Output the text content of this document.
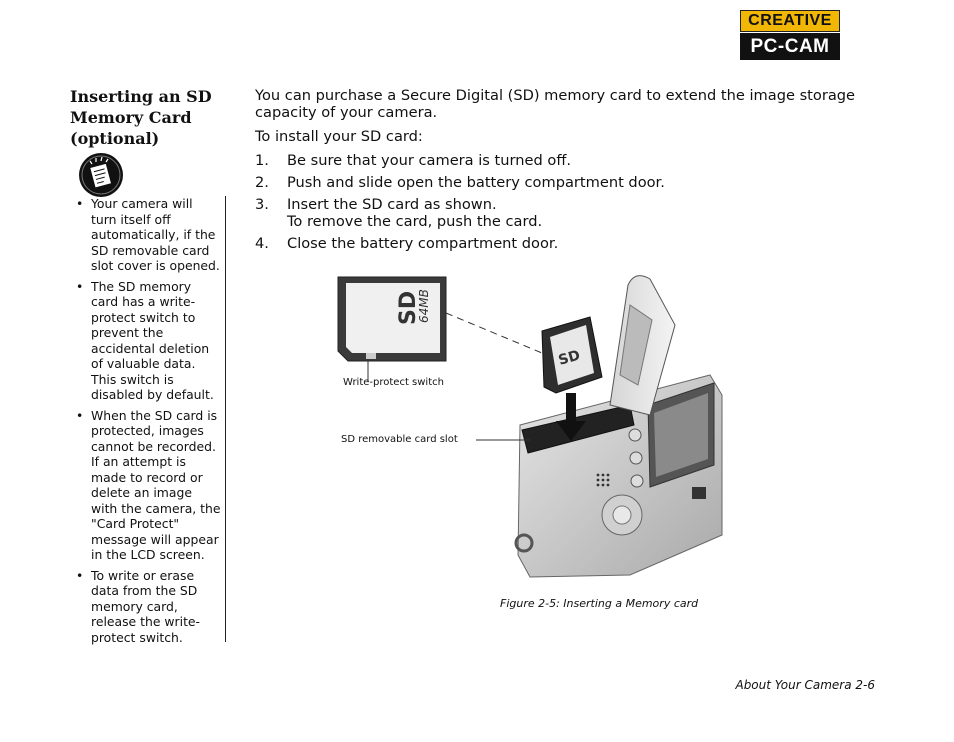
CREATIVE
PC-CAM
Inserting an SD Memory Card (optional)
• Your camera will turn itself off automatically, if the SD removable card slot cover is opened.
• The SD memory card has a write-protect switch to prevent the accidental deletion of valuable data. This switch is disabled by default.
• When the SD card is protected, images cannot be recorded. If an attempt is made to record or delete an image with the camera, the "Card Protect" message will appear in the LCD screen.
• To write or erase data from the SD memory card, release the write-protect switch.

You can purchase a Secure Digital (SD) memory card to extend the image storage capacity of your camera.

To install your SD card:

1. Be sure that your camera is turned off.
2. Push and slide open the battery compartment door.
3. Insert the SD card as shown.
To remove the card, push the card.
4. Close the battery compartment door.
SD
64MB
SD
Write-protect switch
SD removable card slot
Figure 2-5: Inserting a Memory card
About Your Camera 2-6
